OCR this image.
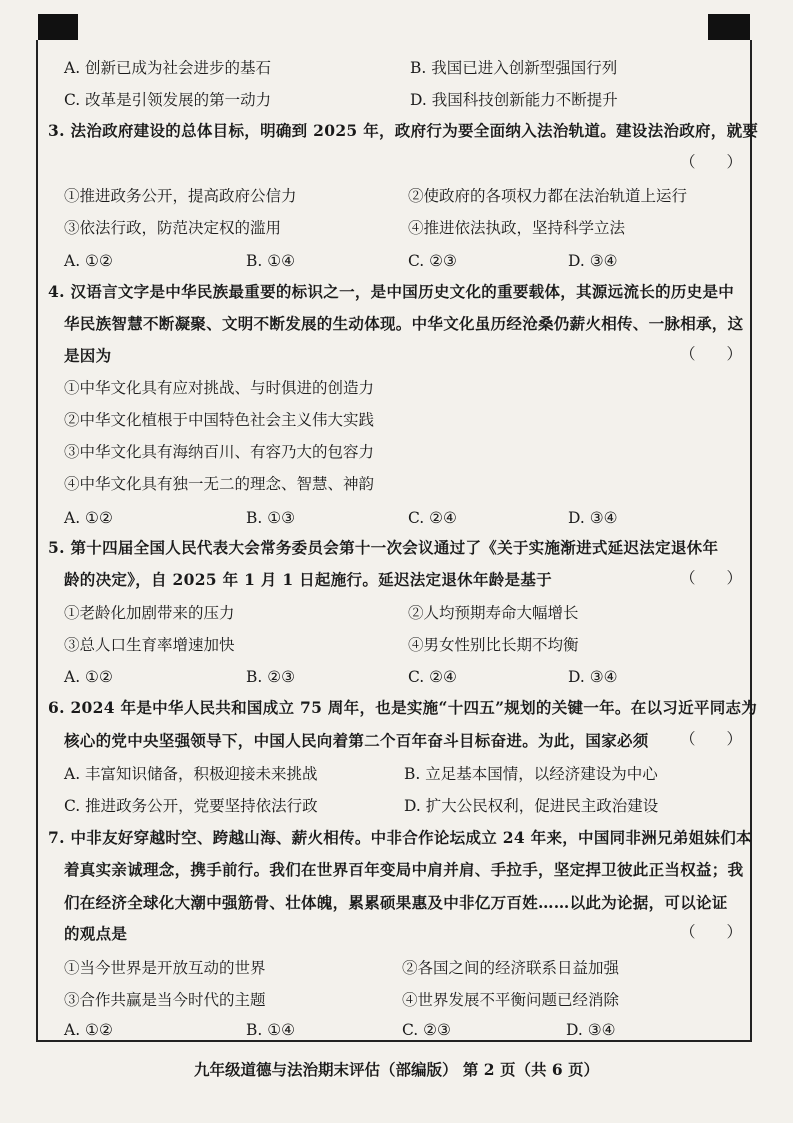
A. 创新已成为社会进步的基石	B. 我国已进入创新型强国行列
C. 改革是引领发展的第一动力	D. 我国科技创新能力不断提升
3. 法治政府建设的总体目标，明确到 2025 年，政府行为要全面纳入法治轨道。建设法治政府，就要
（　　）
①推进政务公开，提高政府公信力	②使政府的各项权力都在法治轨道上运行
③依法行政，防范决定权的滥用	④推进依法执政，坚持科学立法
A. ①②	B. ①④	C. ②③	D. ③④
4. 汉语言文字是中华民族最重要的标识之一，是中国历史文化的重要载体，其源远流长的历史是中
华民族智慧不断凝聚、文明不断发展的生动体现。中华文化虽历经沧桑仍薪火相传、一脉相承，这
是因为	（　　）
①中华文化具有应对挑战、与时俱进的创造力
②中华文化植根于中国特色社会主义伟大实践
③中华文化具有海纳百川、有容乃大的包容力
④中华文化具有独一无二的理念、智慧、神韵
A. ①②	B. ①③	C. ②④	D. ③④
5. 第十四届全国人民代表大会常务委员会第十一次会议通过了《关于实施渐进式延迟法定退休年
龄的决定》，自 2025 年 1 月 1 日起施行。延迟法定退休年龄是基于	（　　）
①老龄化加剧带来的压力	②人均预期寿命大幅增长
③总人口生育率增速加快	④男女性别比长期不均衡
A. ①②	B. ②③	C. ②④	D. ③④
6. 2024 年是中华人民共和国成立 75 周年，也是实施“十四五”规划的关键一年。在以习近平同志为
核心的党中央坚强领导下，中国人民向着第二个百年奋斗目标奋进。为此，国家必须 （　　）
A. 丰富知识储备，积极迎接未来挑战	B. 立足基本国情，以经济建设为中心
C. 推进政务公开，党要坚持依法行政	D. 扩大公民权利，促进民主政治建设
7. 中非友好穿越时空、跨越山海、薪火相传。中非合作论坛成立 24 年来，中国同非洲兄弟姐妹们本
着真实亲诚理念，携手前行。我们在世界百年变局中肩并肩、手拉手，坚定捍卫彼此正当权益；我
们在经济全球化大潮中强筋骨、壮体魄，累累硕果惠及中非亿万百姓……以此为论据，可以论证
的观点是	（　　）
①当今世界是开放互动的世界	②各国之间的经济联系日益加强
③合作共赢是当今时代的主题	④世界发展不平衡问题已经消除
A. ①②	B. ①④	C. ②③	D. ③④
九年级道德与法治期末评估（部编版） 第 2 页（共 6 页）
